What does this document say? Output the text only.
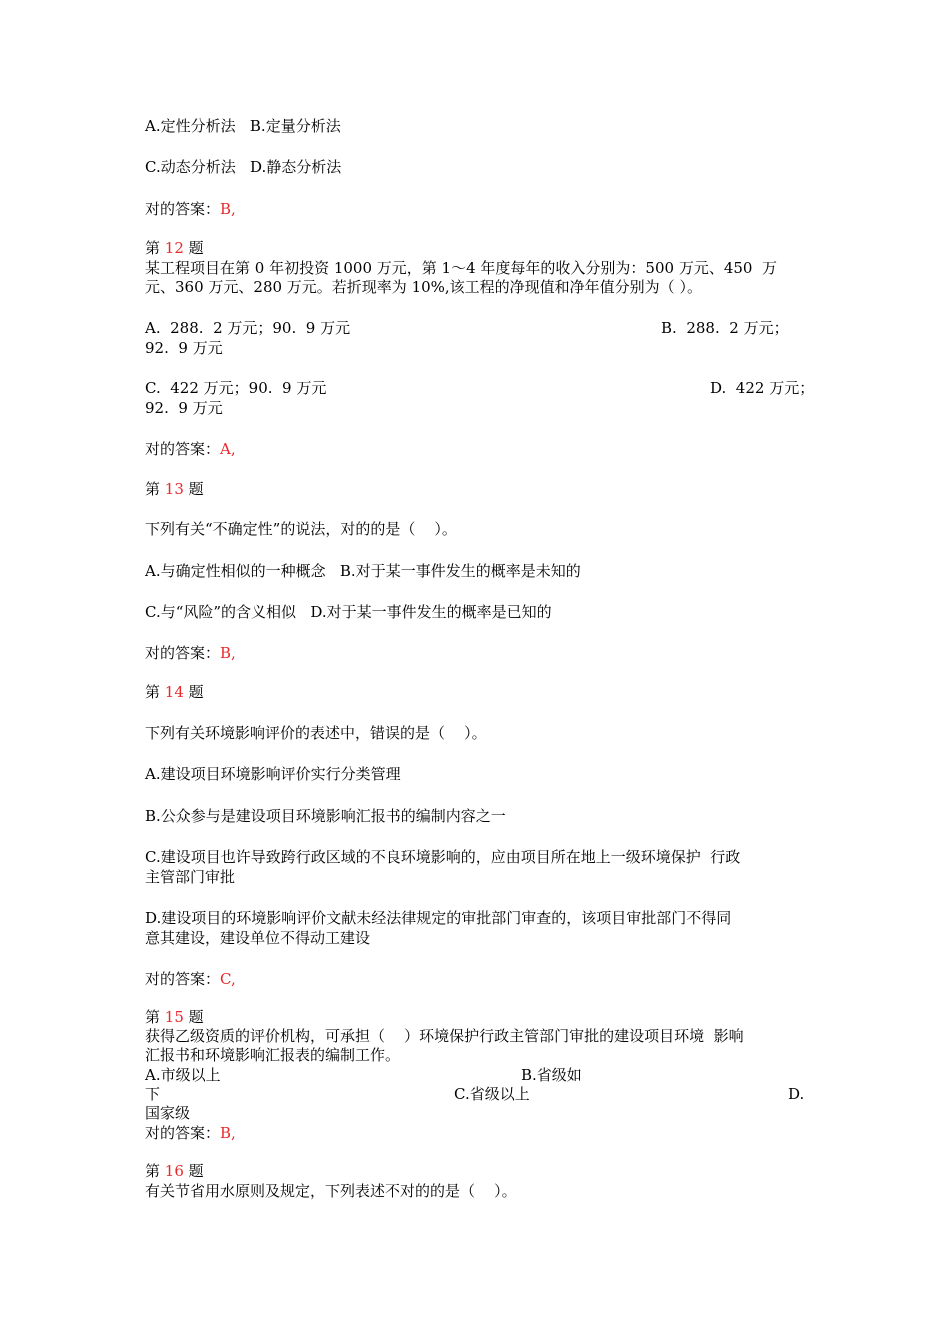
A.定性分析法   B.定量分析法
C.动态分析法   D.静态分析法
对的答案：B,
第 12 题
某工程项目在第 0 年初投资 1000 万元，第 1～4 年度每年的收入分别为：500 万元、450  万
元、360 万元、280 万元。若折现率为 10%,该工程的净现值和净年值分别为（ ）。
A.  288.  2 万元；90.  9 万元	B.  288.  2 万元；
92.  9 万元
C.  422 万元；90.  9 万元	D.  422 万元；
92.  9 万元
对的答案：A,
第 13 题
下列有关“不确定性”的说法，对的的是（    ）。
A.与确定性相似的一种概念   B.对于某一事件发生的概率是未知的
C.与“风险”的含义相似   D.对于某一事件发生的概率是已知的
对的答案：B,
第 14 题
下列有关环境影响评价的表述中，错误的是（    ）。
A.建设项目环境影响评价实行分类管理
B.公众参与是建设项目环境影响汇报书的编制内容之一
C.建设项目也许导致跨行政区域的不良环境影响的，应由项目所在地上一级环境保护  行政
主管部门审批
D.建设项目的环境影响评价文献未经法律规定的审批部门审查的，该项目审批部门不得同
意其建设，建设单位不得动工建设
对的答案：C,
第 15 题
获得乙级资质的评价机构，可承担（    ）环境保护行政主管部门审批的建设项目环境  影响
汇报书和环境影响汇报表的编制工作。
A.市级以上	B.省级如
下	C.省级以上	D.
国家级
对的答案：B,
第 16 题
有关节省用水原则及规定，下列表述不对的的是（    ）。
